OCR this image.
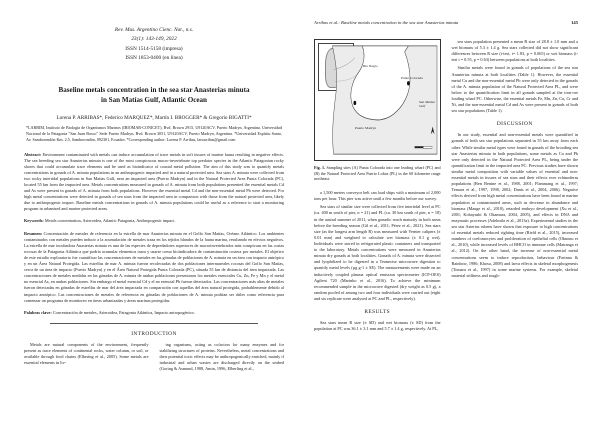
Rev. Mus. Argentino Cienc. Nat., n.s.
23(1): 143-149, 2022
ISSN 1514-5158 (impresa)
ISSN 1853-0400 (en línea)
Baseline metals concentration in the sea star Anasterias minuta
in San Matías Gulf, Atlantic Ocean
Lorena P. ARRIBAS*, Federico MARQUEZ*, Martín I. BROGGER* & Gregorio BIGATTI*
*LARBIM, Instituto de Biología de Organismos Marinos (IBIOMAR-CONICET), Bvd. Brown 2915, U9120ACV, Puerto Madryn, Argentina. Universidad Nacional de la Patagonia "San Juan Bosco" Sede Puerto Madryn, Bvd. Brown 3051, U9120ACV, Puerto Madryn, Argentina. *Universidad Espíritu Santo, Av. Samborondón Km. 2,5, Samborondón, 092301, Ecuador. *Corresponding author: Lorena P. Arribas, larsarribas@gmail.com
Abstract: Environment contaminated with metals can induce accumulation of trace metals in soft tissues of marine fauna resulting in negative effects. The sea breeding sea star Anasterias minuta is one of the most conspicuous macro-invertebrate top predator species in the Atlantic Patagonian rocky shores that could accumulate trace elements and be used as bioindicator of coastal metal pollution. The aim of this study was to quantify metals concentrations in gonads of A. minuta populations in an anthropogenic impacted and in a natural protected area. Sea stars A. minuta were collected from two rocky intertidal populations in San Matías Gulf, near an impacted area (Puerto Madryn) and in the Natural Protected Area Punta Colorada (PC), located 55 km from the impacted area. Metals concentrations measured in gonads of A. minuta from both populations presented the essential metals Cd and As were present in gonads of A. minuta from both populations. However the essential metal Cd and the non-essential metal Pb were detected. For high metal concentrations were detected in gonads of sea stars from the impacted area in comparison with those from the natural protected area, likely due to anthropogenic impact. Baseline metals concentrations in gonads of A. minuta populations could be useful as a reference to start a monitoring program in urbanised and marine protected areas.
Keywords: Metals concentration, Asteroidea, Atlantic Patagonia, Anthropogenic impact.
Resumen: Concentración de metales de referencia en la estrella de mar Anasterias minuta en el Golfo San Matías, Océano Atlántico. Los ambientes contaminados con metales pueden inducir a la acumulación de metales traza en los tejidos blandos de la fauna marina, resultando en efectos negativos. La estrella de mar incubadora Anasterias minuta es una de las especies de depredadores superiores de macroinvertebrados más conspicuas en las costas rocosas de la Patagonia Atlántica que podría acumular elementos traza y usarse como bioindicadora de contaminación costera por metales. El objetivo de este estudio exploratorio fue cuantificar las concentraciones de metales en las gónadas de poblaciones de A. minuta en un área con impacto antrópico y en un Área Natural Protegida. Las estrellas de mar A. minuta fueron recolectadas de dos poblaciones intermareales rocosas del Golfo San Matías, cerca de un área de impacto (Puerto Madryn) y en el Área Natural Protegida Punta Colorada (PC), situada 55 km de distancia del área impactada. Las concentraciones de metales medidas en las gónadas de A. minuta de ambas poblaciones presentaron los metales esenciales Cu, Zn, Fe y Mn y el metal no esencial As, en ambas poblaciones. Sin embargo el metal esencial Cd y el no esencial Pb fueron detectados. Las concentraciones más altas de metales fueron detectadas en gónadas de estrellas de mar del área impactada en comparación con aquellas del área natural protegida, probablemente debido al impacto antrópico. Las concentraciones de metales de referencia en gónadas de poblaciones de A. minuta podrían ser útiles como referencia para comenzar un programa de monitoreo en áreas urbanizadas y áreas marinas protegidas.
Palabras clave: Concentración de metales, Asteroidea, Patagonia Atlántica, Impacto antropogénico.
INTRODUCTION

Metals are natural components of the environment, frequently present as trace elements of continental rocks, water column, or soil, or available through food chains (Elbering et al., 2005). Some metals are essential elements in liv-

ing organisms, acting as cofactors for many enzymes and for stabilizing structures of proteins. Nevertheless, metal concentrations and their potential toxic effects may be anthropogenically enriched, mainly if industrial and urban wastes are discharged directly on the seabed (Goring & Asmund, 1988, Amin, 1996, Elberling et al.,

Arribas et al.: Baseline metals concentration in the sea star Anasterias minuta	145
Río Negro
Punta Colorada
San Matías Gulf
Puerto Madryn
Fig. 1. Sampling sites (A) Punta Colorada into one leading wharf (PC) and (B) the Natural Protected Area Puerto Lobos (PL) in the 60 kilometre range northeast.

a 1,500 meters conveyor belt can load ships with a maximum of 2,000 tons per hour. This pier was active until a few months before our survey.

Sea stars of similar size were collected from five intertidal level at PC (ca. 400 m south of pier, n = 21) and PL (ca. 30 km south of pier, n = 18) in the austral summer of 2011, when gonadic reach maturity in both areas before the breeding season (Gil et al., 2011; Pérez et al., 2021). Sea stars size (as the longest arm length R) was measured with Vernier calipers (± 0.01 mm) and weighted to calculate wet biomass (± 0.1 g wet). Individuals were stored in refrigerated plastic containers and transported to the laboratory. Metals concentrations were measured in Anasterias minuta dry gonads at both localities. Gonads of A. minuta were dissected and lyophilized to be digested in a Teamwise microwave digestion to quantify metal levels (µg g-1 ± SE). The measurements were made on an inductively coupled plasma optical emission spectrometer (ICP-OES) Agilent 720 (Marinho et al., 2016). To achieve the minimum recommended sample in the microwave digested (dry weight as 0.5 g), a random pooled of among two and four individuals were carried out (eight and six replicate were analysed at PC and PL, respectively).

RESULTS

Sea stars mean R size (± SD) and wet biomass (± SD) from the population at PC was 36.1 ± 3.1 mm and 5.7 ± 1.4 g, respectively. At PL,

sea stars population presented a mean R size of 28.8 ± 1.0 mm and a wet biomass of 5.3 ± 1.4 g. Sea stars collected did not show significant differences between R size (t-test, t= 1.83, p = 0.065) or wet biomass (t-test t = 0.55, p = 0.63) between populations at both localities.

Similar metals were found in gonads of populations of the sea star Anasterias minuta at both localities (Table 1). However, the essential metal Cu and the non-essential metal Pb were only detected in the gonads of the A. minuta population of the Natural Protected Area PL, and were below to the quantification limit in all gonads sampled at the iron-ore loading wharf PC. Otherwise, the essential metals Fe, Mn, Zn, Cu, Cr and Ni, and the non-essential metal Cd and As were present in gonads of both sea star populations (Table 1).

DISCUSSION

In our study, essential and non-essential metals were quantified in gonads of both sea star populations separated in 55 km away from each other. While similar metal types were found in gonads of the brooding sea star Anasterias minuta in both populations, some metals as Cu and Pb were only detected in the Natural Protected Area PL, being under the quantification limit in the impacted area PC. Previous studies have shown similar metal composition with variable values of essential and non-essential metals in tissues of sea stars and their effects over echinoderm populations (Ben Benine et al., 1988, 2001; Flammang et al., 1997; Temara et al., 1997, 1998, 2002; Danis et al., 2004, 2006). Negative effects derived from high metal concentrations have been found in marine population at contaminated areas, such as decrease in abundance and biomass (Mauge et al., 2010), retarded embryo development (Xu et al., 2001; Kobayashi & Okamura, 2004, 2005), and effects in DNA and enzymatic processes (Adelmila et al., 2013a). Experimental studies in the sea star Asterias rubens have shown that exposure to high concentrations of essential metals reduced righting time (Rield et al., 2015), increased numbers of coelomocytes and proliferation of epithelial cells (Oknonu et al., 2010), while increased levels of BHCO in immune cells (Matranga et al., 2012). On the other hand, the increase of non-essential metal concentrations seem to induce reproduction, behaviour (Farinna & Rainbow, 1986; Khosu, 2008) and larva effects in skeletal morphogenesis (Tomara et al., 1997) in some marine systems. For example, skeletal material stiffness and tough-
